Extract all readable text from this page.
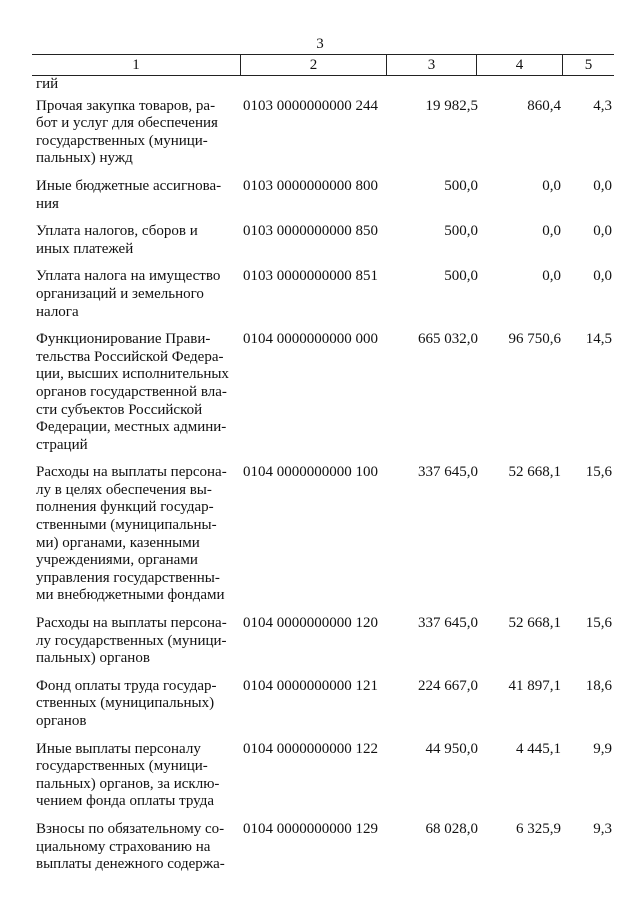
3
1	2	3	4	5
гий
Прочая закупка товаров, ра-
бот и услуг для обеспечения
государственных (муници-
пальных) нужд
0103 0000000000 244	19 982,5	860,4	4,3
Иные бюджетные ассигнова-
ния
0103 0000000000 800	500,0	0,0	0,0
Уплата налогов, сборов и
иных платежей
0103 0000000000 850	500,0	0,0	0,0
Уплата налога на имущество
организаций и земельного
налога
0103 0000000000 851	500,0	0,0	0,0
Функционирование Прави-
тельства Российской Федера-
ции, высших исполнительных
органов государственной вла-
сти субъектов Российской
Федерации, местных админи-
страций
0104 0000000000 000	665 032,0	96 750,6	14,5
Расходы на выплаты персона-
лу в целях обеспечения вы-
полнения функций государ-
ственными (муниципальны-
ми) органами, казенными
учреждениями, органами
управления государственны-
ми внебюджетными фондами
0104 0000000000 100	337 645,0	52 668,1	15,6
Расходы на выплаты персона-
лу государственных (муници-
пальных) органов
0104 0000000000 120	337 645,0	52 668,1	15,6
Фонд оплаты труда государ-
ственных (муниципальных)
органов
0104 0000000000 121	224 667,0	41 897,1	18,6
Иные выплаты персоналу
государственных (муници-
пальных) органов, за исклю-
чением фонда оплаты труда
0104 0000000000 122	44 950,0	4 445,1	9,9
Взносы по обязательному со-
циальному страхованию на
выплаты денежного содержа-
0104 0000000000 129	68 028,0	6 325,9	9,3
